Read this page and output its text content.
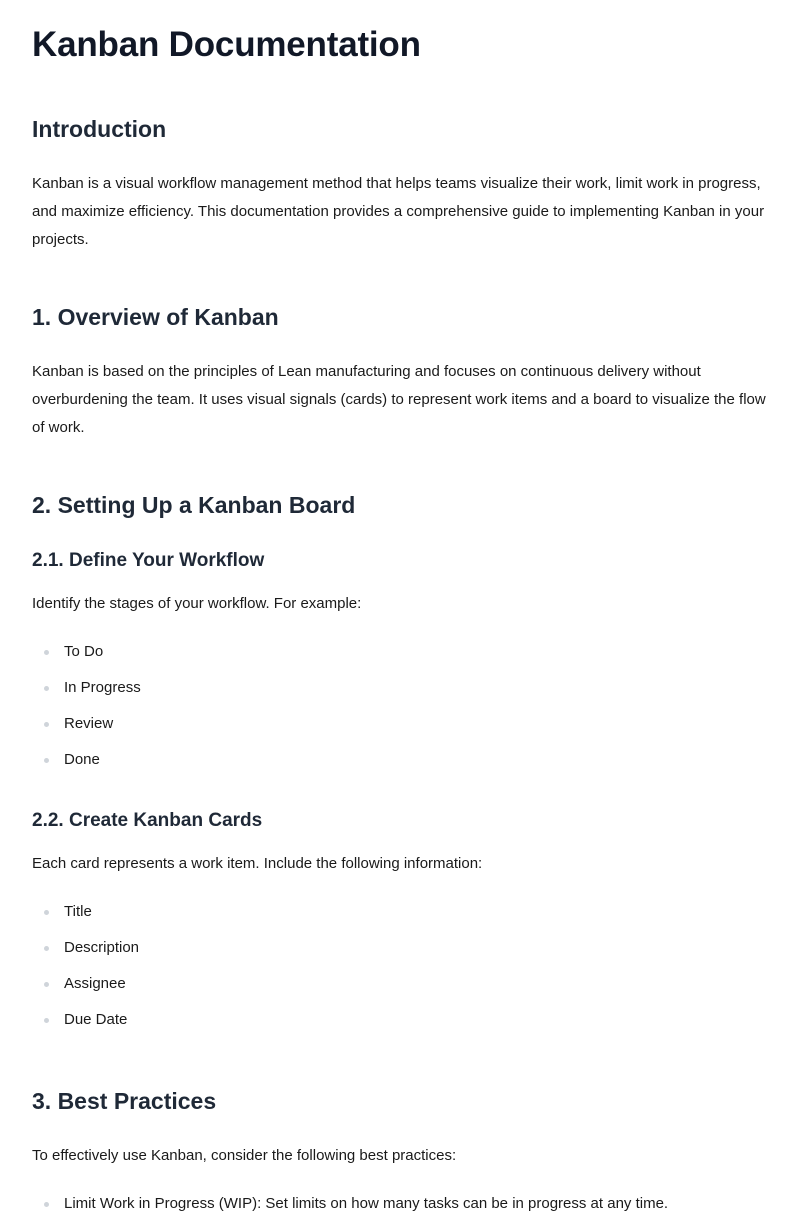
Kanban Documentation
Introduction

Kanban is a visual workflow management method that helps teams visualize their work, limit work in progress, and maximize efficiency. This documentation provides a comprehensive guide to implementing Kanban in your projects.

1. Overview of Kanban

Kanban is based on the principles of Lean manufacturing and focuses on continuous delivery without overburdening the team. It uses visual signals (cards) to represent work items and a board to visualize the flow of work.

2. Setting Up a Kanban Board
2.1. Define Your Workflow

Identify the stages of your workflow. For example:

To Do
In Progress
Review
Done
2.2. Create Kanban Cards

Each card represents a work item. Include the following information:

Title
Description
Assignee
Due Date
3. Best Practices

To effectively use Kanban, consider the following best practices:

Limit Work in Progress (WIP): Set limits on how many tasks can be in progress at any time.
